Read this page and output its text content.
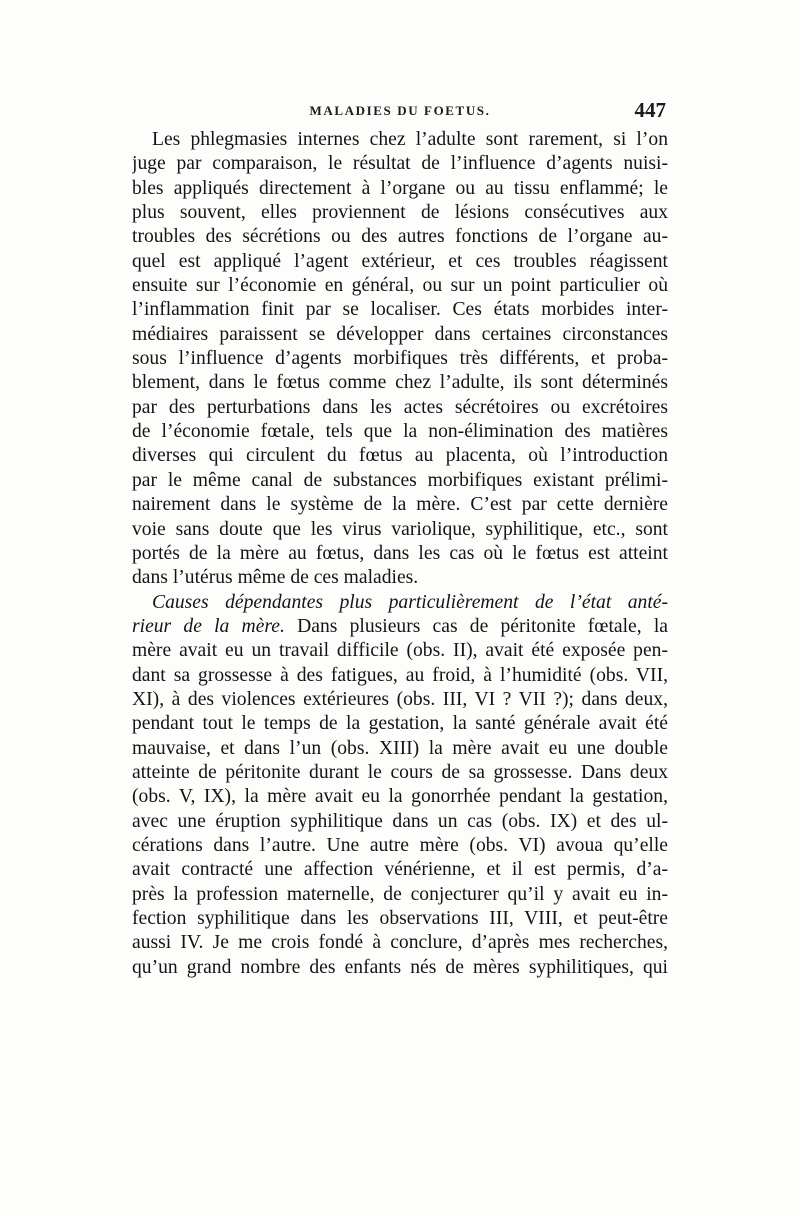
MALADIES DU FOETUS.	447
Les phlegmasies internes chez l’adulte sont rarement, si l’on
juge par comparaison, le résultat de l’influence d’agents nuisi-
bles appliqués directement à l’organe ou au tissu enflammé; le
plus souvent, elles proviennent de lésions consécutives aux
troubles des sécrétions ou des autres fonctions de l’organe au-
quel est appliqué l’agent extérieur, et ces troubles réagissent
ensuite sur l’économie en général, ou sur un point particulier où
l’inflammation finit par se localiser. Ces états morbides inter-
médiaires paraissent se développer dans certaines circonstances
sous l’influence d’agents morbifiques très différents, et proba-
blement, dans le fœtus comme chez l’adulte, ils sont déterminés
par des perturbations dans les actes sécrétoires ou excrétoires
de l’économie fœtale, tels que la non-élimination des matières
diverses qui circulent du fœtus au placenta, où l’introduction
par le même canal de substances morbifiques existant prélimi-
nairement dans le système de la mère. C’est par cette dernière
voie sans doute que les virus variolique, syphilitique, etc., sont
portés de la mère au fœtus, dans les cas où le fœtus est atteint
dans l’utérus même de ces maladies.
Causes dépendantes plus particulièrement de l’état anté-
rieur de la mère. Dans plusieurs cas de péritonite fœtale, la
mère avait eu un travail difficile (obs. II), avait été exposée pen-
dant sa grossesse à des fatigues, au froid, à l’humidité (obs. VII,
XI), à des violences extérieures (obs. III, VI ? VII ?); dans deux,
pendant tout le temps de la gestation, la santé générale avait été
mauvaise, et dans l’un (obs. XIII) la mère avait eu une double
atteinte de péritonite durant le cours de sa grossesse. Dans deux
(obs. V, IX), la mère avait eu la gonorrhée pendant la gestation,
avec une éruption syphilitique dans un cas (obs. IX) et des ul-
cérations dans l’autre. Une autre mère (obs. VI) avoua qu’elle
avait contracté une affection vénérienne, et il est permis, d’a-
près la profession maternelle, de conjecturer qu’il y avait eu in-
fection syphilitique dans les observations III, VIII, et peut-être
aussi IV. Je me crois fondé à conclure, d’après mes recherches,
qu’un grand nombre des enfants nés de mères syphilitiques, qui
